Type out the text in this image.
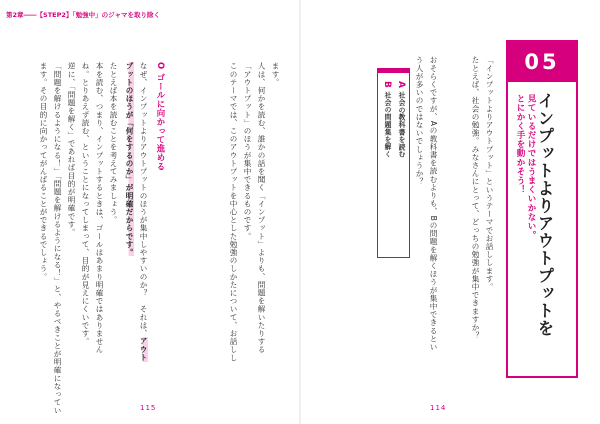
第2章――【STEP2】「勉強中」のジャマを取り除く
115	114
05
インプットよりアウトプットを
見ているだけではうまくいかない。
とにかく手を動かそう！
おそらくですが、Aの教科書を読むよりも、Bの問題を解くほうが集中できるとい
う人が多いのではないでしょうか？	たとえば、社会の勉強。みなさんにとって、どっちの勉強が集中できますか？ 「インプットよりアウトプット」というテーマでお話しします。
A 社会の教科書を読む
B 社会の問題集を解く
ます。
人は、何かを読む、誰かの話を聞く「インプット」よりも、問題を解いたりする
「アウトプット」のほうが集中できるものです。
このテーマでは、このアウトプットを中心とした勉強のしかたについて、お話しし
O ゴールに向かって進める
なぜ、インプットよりアウトプットのほうが集中しやすいのか？　それは、アウト
プットのほうが「何をするのか」が明確だからです。
たとえば本を読むことを考えてみましょう。
本を読む、つまり、インプットするときは、ゴールはあまり明確ではありません
ね。とりあえず読む、ということになってしまって、目的が見えにくいです。
逆に、「問題を解く」であれば目的が明確です。
「問題を解けるようになる！」「問題を解けるようになる！」と、やるべきことが明確になってい
ます。その目的に向かってがんばることができるでしょう。
